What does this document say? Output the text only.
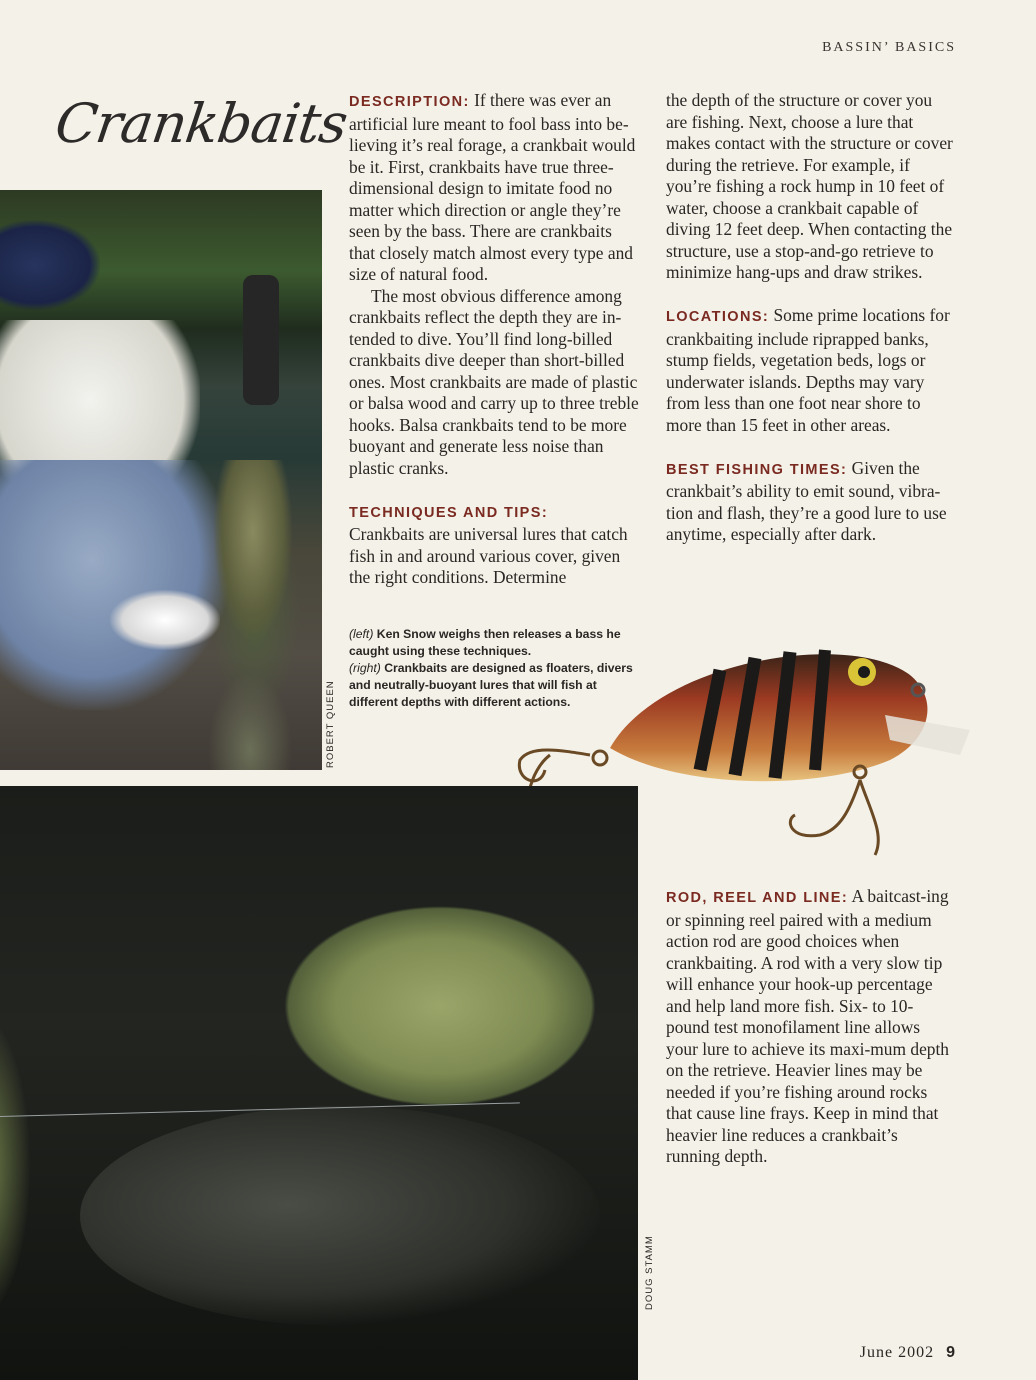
BASSIN’ BASICS
Crankbaits
ROBERT QUEEN

DESCRIPTION: If there was ever an artificial lure meant to fool bass into be-lieving it’s real forage, a crankbait would be it. First, crankbaits have true three-dimensional design to imitate food no matter which direction or angle they’re seen by the bass. There are crankbaits that closely match almost every type and size of natural food.

The most obvious difference among crankbaits reflect the depth they are in-tended to dive. You’ll find long-billed crankbaits dive deeper than short-billed ones. Most crankbaits are made of plastic or balsa wood and carry up to three treble hooks. Balsa crankbaits tend to be more buoyant and generate less noise than plastic cranks.

TECHNIQUES AND TIPS:

Crankbaits are universal lures that catch fish in and around various cover, given the right conditions. Determine

the depth of the structure or cover you are fishing. Next, choose a lure that makes contact with the structure or cover during the retrieve. For example, if you’re fishing a rock hump in 10 feet of water, choose a crankbait capable of diving 12 feet deep. When contacting the structure, use a stop-and-go retrieve to minimize hang-ups and draw strikes.

LOCATIONS: Some prime locations for crankbaiting include riprapped banks, stump fields, vegetation beds, logs or underwater islands. Depths may vary from less than one foot near shore to more than 15 feet in other areas.

BEST FISHING TIMES: Given the crankbait’s ability to emit sound, vibra-tion and flash, they’re a good lure to use anytime, especially after dark.

(left) Ken Snow weighs then releases a bass he caught using these techniques.
(right) Crankbaits are designed as floaters, divers and neutrally-buoyant lures that will fish at different depths with different actions.
DOUG STAMM

ROD, REEL AND LINE: A baitcast-ing or spinning reel paired with a medium action rod are good choices when crankbaiting. A rod with a very slow tip will enhance your hook-up percentage and help land more fish. Six- to 10-pound test monofilament line allows your lure to achieve its maxi-mum depth on the retrieve. Heavier lines may be needed if you’re fishing around rocks that cause line frays. Keep in mind that heavier line reduces a crankbait’s running depth.

June 2002 9
